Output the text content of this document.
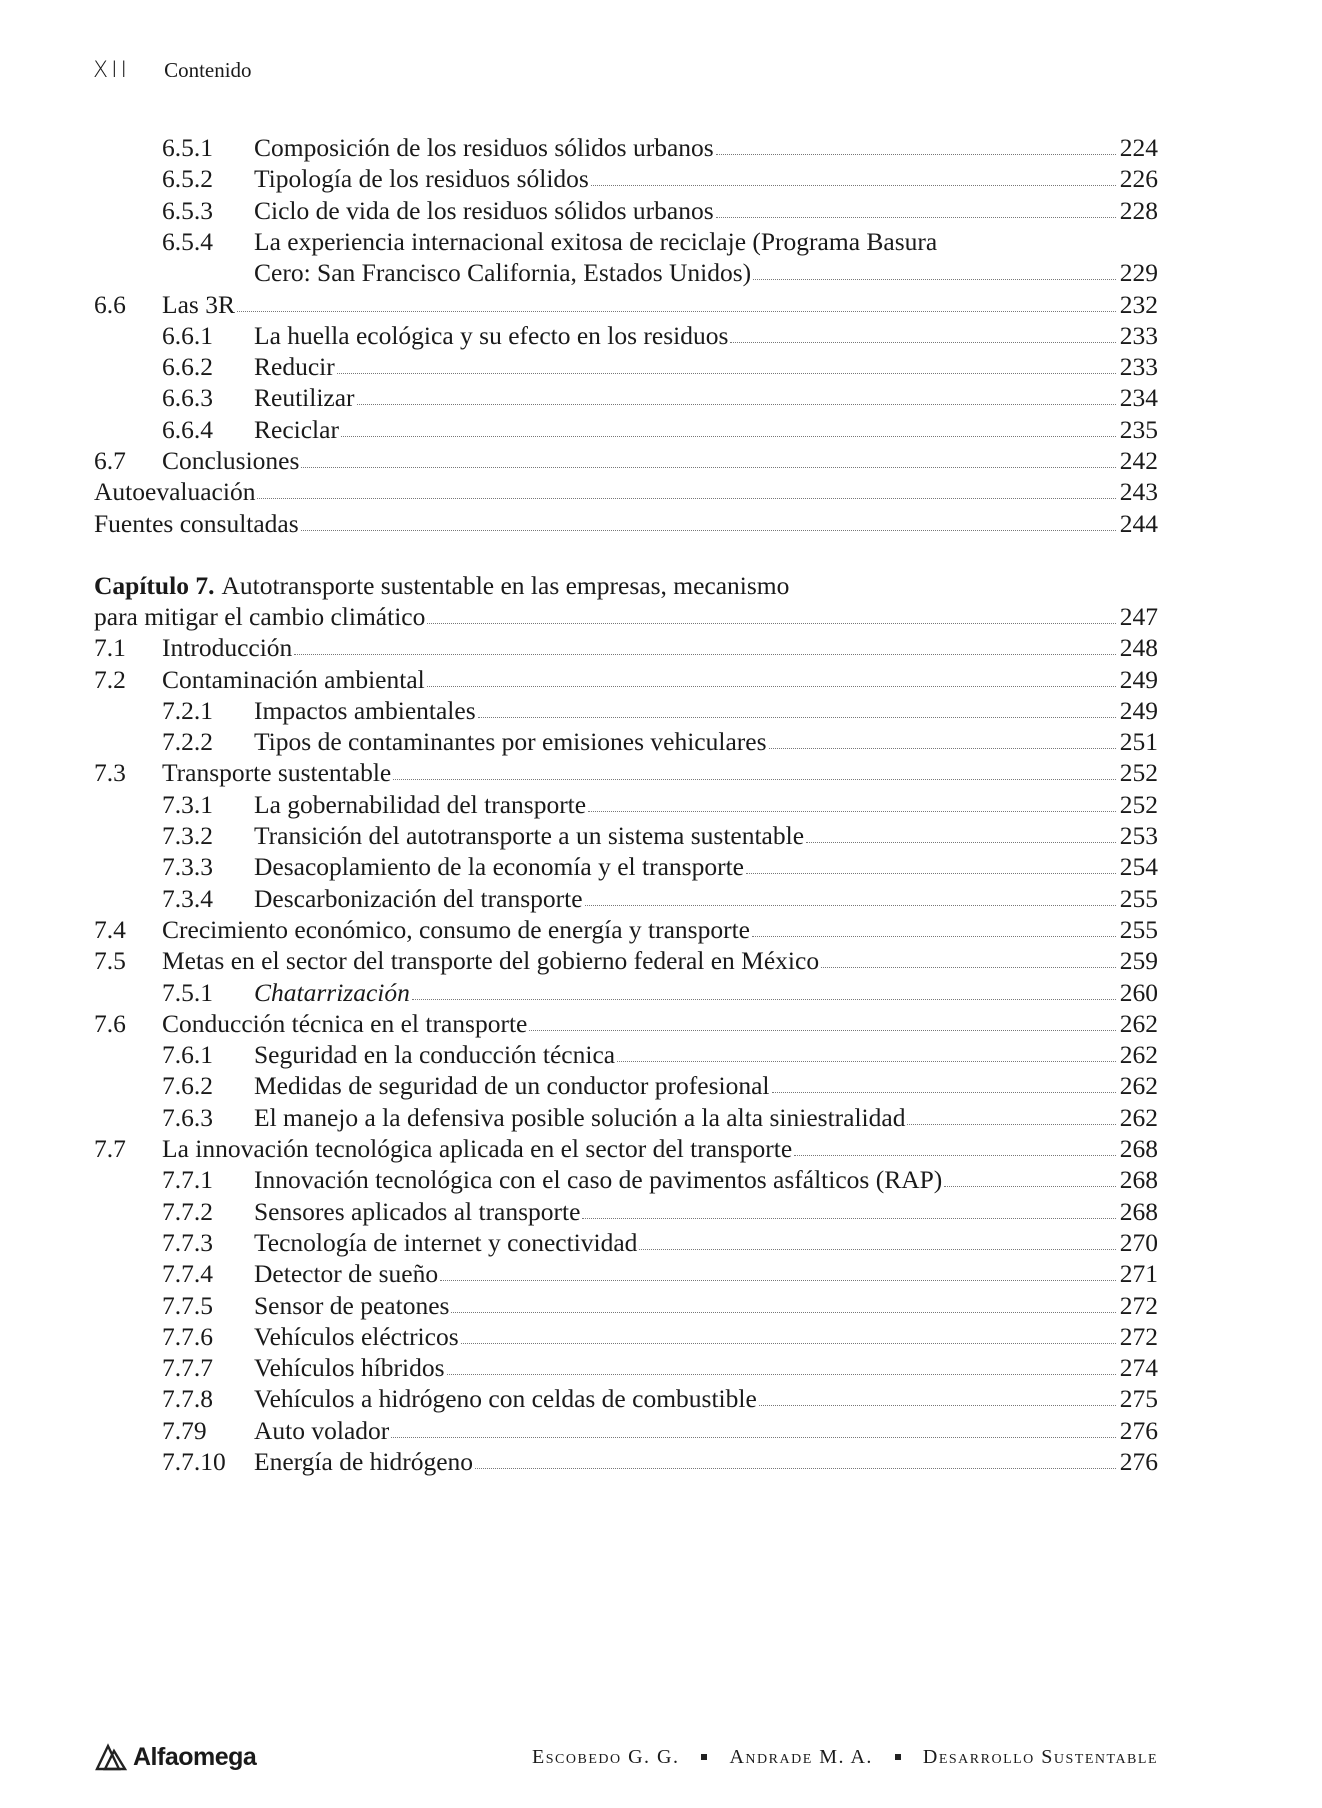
XII Contenido
6.5.1	Composición de los residuos sólidos urbanos	224
6.5.2	Tipología de los residuos sólidos	226
6.5.3	Ciclo de vida de los residuos sólidos urbanos	228
6.5.4	La experiencia internacional exitosa de reciclaje (Programa Basura
Cero: San Francisco California, Estados Unidos)	229
6.6	Las 3R	232
6.6.1	La huella ecológica y su efecto en los residuos	233
6.6.2	Reducir	233
6.6.3	Reutilizar	234
6.6.4	Reciclar	235
6.7	Conclusiones	242
Autoevaluación	243
Fuentes consultadas	244
Capítulo 7. Autotransporte sustentable en las empresas, mecanismo
para mitigar el cambio climático	247
7.1	Introducción	248
7.2	Contaminación ambiental	249
7.2.1	Impactos ambientales	249
7.2.2	Tipos de contaminantes por emisiones vehiculares	251
7.3	Transporte sustentable	252
7.3.1	La gobernabilidad del transporte	252
7.3.2	Transición del autotransporte a un sistema sustentable	253
7.3.3	Desacoplamiento de la economía y el transporte	254
7.3.4	Descarbonización del transporte	255
7.4	Crecimiento económico, consumo de energía y transporte	255
7.5	Metas en el sector del transporte del gobierno federal en México	259
7.5.1	Chatarrización	260
7.6	Conducción técnica en el transporte	262
7.6.1	Seguridad en la conducción técnica	262
7.6.2	Medidas de seguridad de un conductor profesional	262
7.6.3	El manejo a la defensiva posible solución a la alta siniestralidad	262
7.7	La innovación tecnológica aplicada en el sector del transporte	268
7.7.1	Innovación tecnológica con el caso de pavimentos asfálticos (RAP)	268
7.7.2	Sensores aplicados al transporte	268
7.7.3	Tecnología de internet y conectividad	270
7.7.4	Detector de sueño	271
7.7.5	Sensor de peatones	272
7.7.6	Vehículos eléctricos	272
7.7.7	Vehículos híbridos	274
7.7.8	Vehículos a hidrógeno con celdas de combustible	275
7.79	Auto volador	276
7.7.10	Energía de hidrógeno	276
Alfaomega	Escobedo G. G.	Andrade M. A.	Desarrollo Sustentable
